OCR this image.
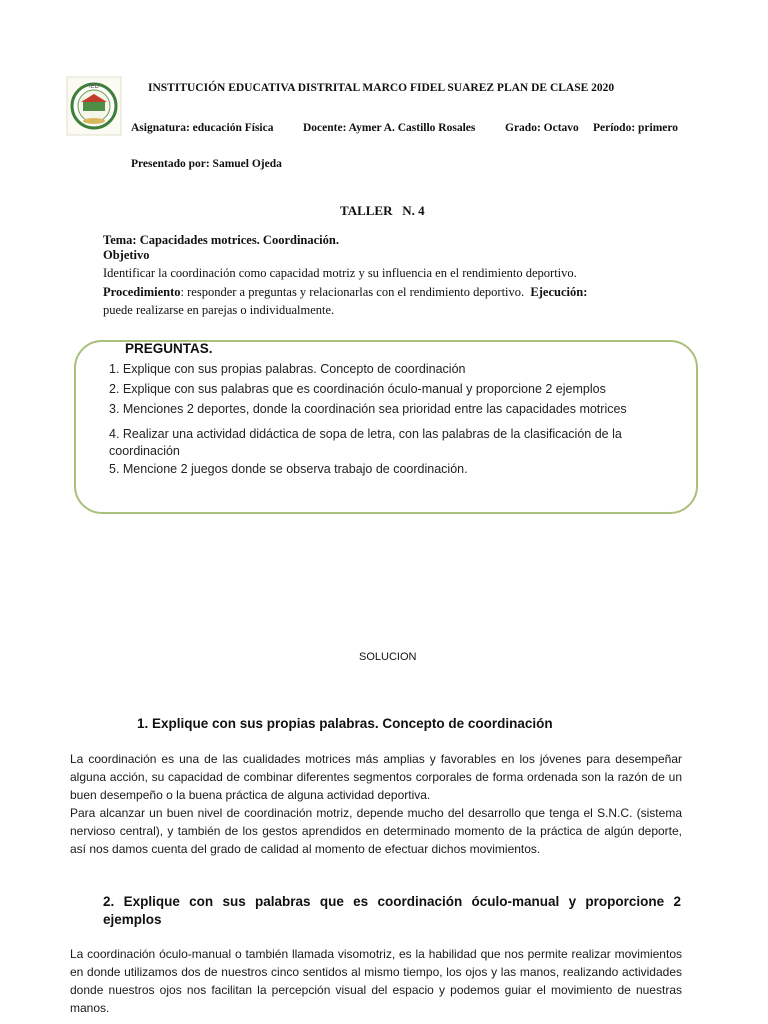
IED	INSTITUCIÓN EDUCATIVA DISTRITAL MARCO FIDEL SUAREZ PLAN DE CLASE 2020
Asignatura: educación Física	Docente: Aymer A. Castillo Rosales	Grado: Octavo Período: primero
Presentado por: Samuel Ojeda
TALLER   N. 4
Tema: Capacidades motrices. Coordinación.
Objetivo
Identificar la coordinación como capacidad motriz y su influencia en el rendimiento deportivo.
Procedimiento: responder a preguntas y relacionarlas con el rendimiento deportivo. Ejecución:
puede realizarse en parejas o individualmente.
PREGUNTAS.
1. Explique con sus propias palabras. Concepto de coordinación
2. Explique con sus palabras que es coordinación óculo-manual y proporcione 2 ejemplos
3. Menciones 2 deportes, donde la coordinación sea prioridad entre las capacidades motrices
4. Realizar una actividad didáctica de sopa de letra, con las palabras de la clasificación de la coordinación
5. Mencione 2 juegos donde se observa trabajo de coordinación.
SOLUCION
1. Explique con sus propias palabras. Concepto de coordinación
La coordinación es una de las cualidades motrices más amplias y favorables en los jóvenes para desempeñar alguna acción, su capacidad de combinar diferentes segmentos corporales de forma ordenada son la razón de un buen desempeño o la buena práctica de alguna actividad deportiva.
Para alcanzar un buen nivel de coordinación motriz, depende mucho del desarrollo que tenga el S.N.C. (sistema nervioso central), y también de los gestos aprendidos en determinado momento de la práctica de algún deporte, así nos damos cuenta del grado de calidad al momento de efectuar dichos movimientos.
2. Explique con sus palabras que es coordinación óculo-manual y proporcione 2 ejemplos
La coordinación óculo-manual o también llamada visomotriz, es la habilidad que nos permite realizar movimientos en donde utilizamos dos de nuestros cinco sentidos al mismo tiempo, los ojos y las manos, realizando actividades donde nuestros ojos nos facilitan la percepción visual del espacio y podemos guiar el movimiento de nuestras manos.
